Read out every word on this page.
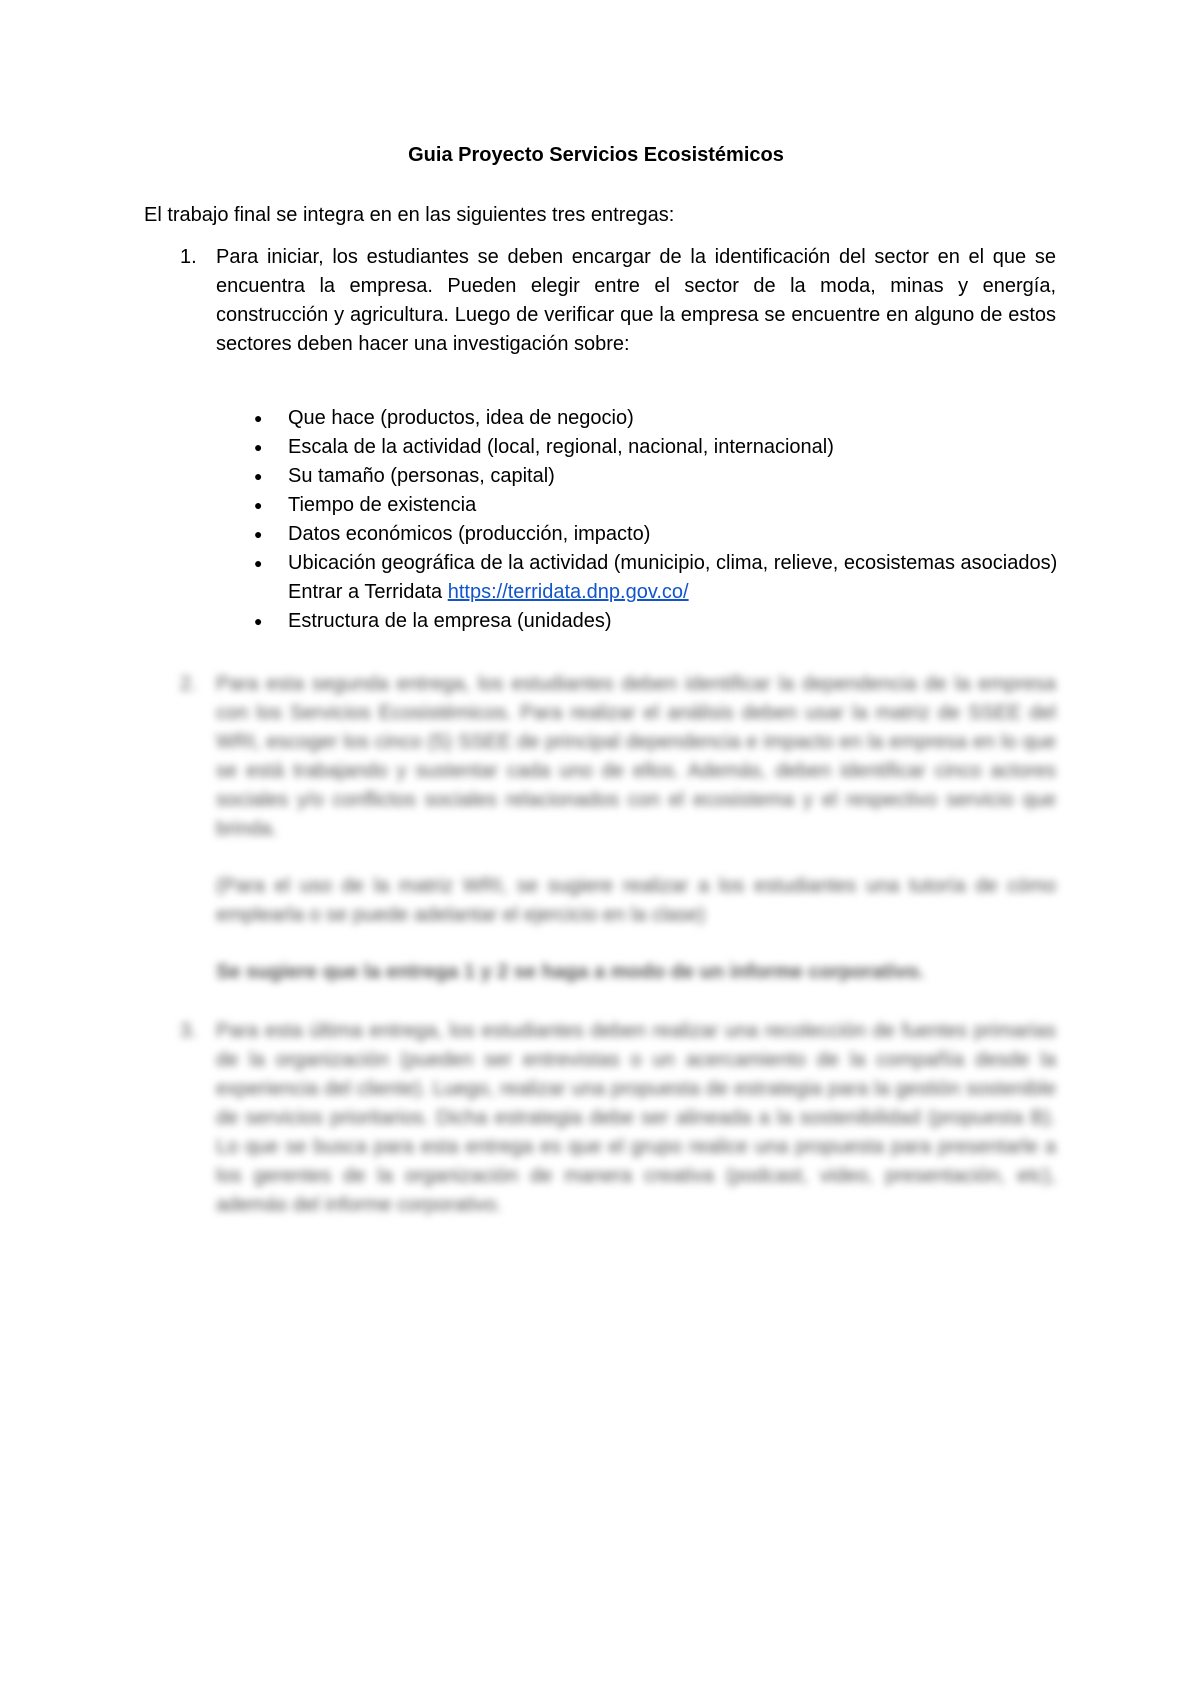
Guia Proyecto Servicios Ecosistémicos
El trabajo final se integra en en las siguientes tres entregas:
1. Para iniciar, los estudiantes se deben encargar de la identificación del sector en el que se encuentra la empresa. Pueden elegir entre el sector de la moda, minas y energía, construcción y agricultura. Luego de verificar que la empresa se encuentre en alguno de estos sectores deben hacer una investigación sobre:
● Que hace (productos, idea de negocio)
● Escala de la actividad (local, regional, nacional, internacional)
● Su tamaño (personas, capital)
● Tiempo de existencia
● Datos económicos (producción, impacto)
● Ubicación geográfica de la actividad (municipio, clima, relieve, ecosistemas asociados) Entrar a Terridata https://terridata.dnp.gov.co/
● Estructura de la empresa (unidades)
2. Para esta segunda entrega, los estudiantes deben identificar la dependencia de la empresa con los Servicios Ecosistémicos. Para realizar el análisis deben usar la matriz de SSEE del WRI, escoger los cinco (5) SSEE de principal dependencia e impacto en la empresa en lo que se está trabajando y sustentar cada uno de ellos. Además, deben identificar cinco actores sociales y/o conflictos sociales relacionados con el ecosistema y el respectivo servicio que brinda.
(Para el uso de la matriz WRI, se sugiere realizar a los estudiantes una tutoría de cómo emplearla o se puede adelantar el ejercicio en la clase)
Se sugiere que la entrega 1 y 2 se haga a modo de un informe corporativo.
3. Para esta última entrega, los estudiantes deben realizar una recolección de fuentes primarias de la organización (pueden ser entrevistas o un acercamiento de la compañía desde la experiencia del cliente). Luego, realizar una propuesta de estrategia para la gestión sostenible de servicios prioritarios. Dicha estrategia debe ser alineada a la sostenibilidad (propuesta B). Lo que se busca para esta entrega es que el grupo realice una propuesta para presentarle a los gerentes de la organización de manera creativa (podcast, video, presentación, etc), además del informe corporativo.
